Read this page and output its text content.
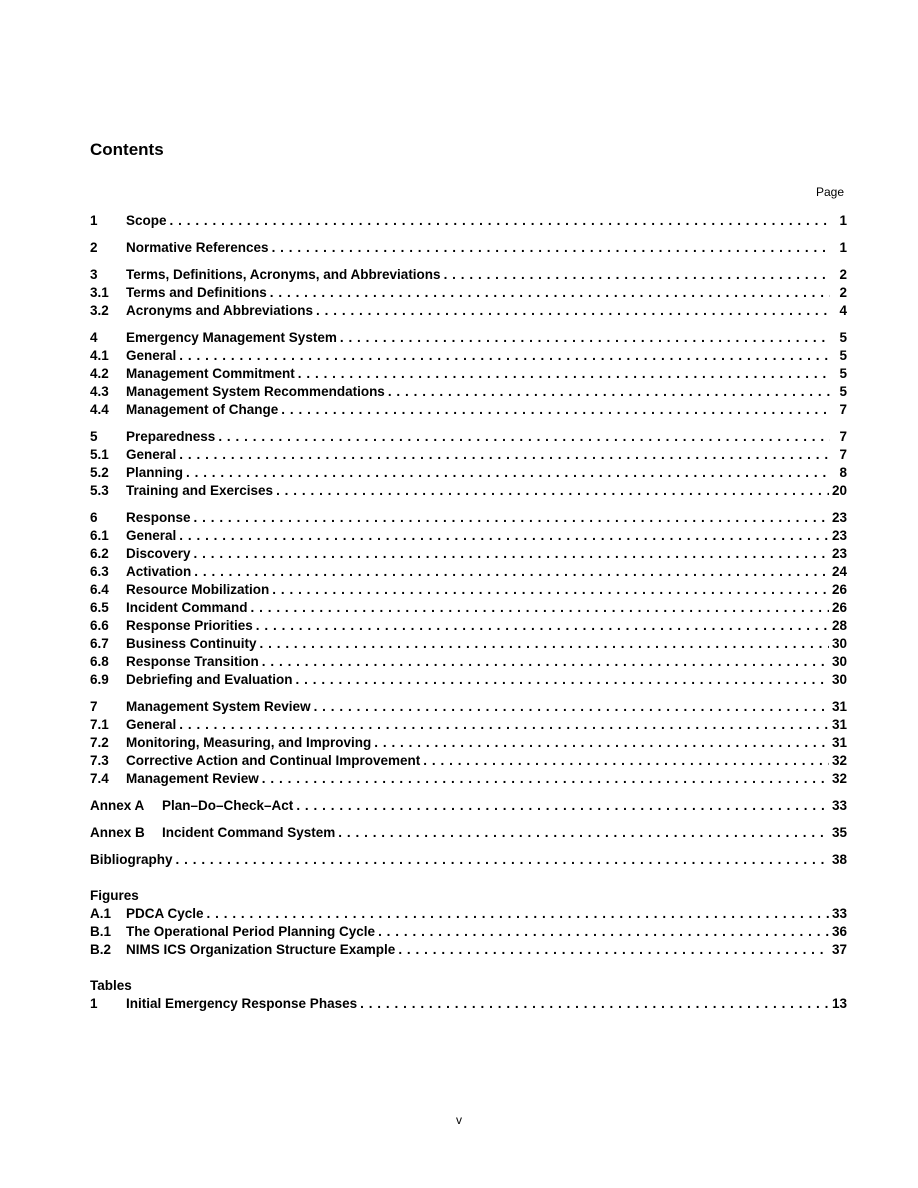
Contents
Page
1	Scope . . .	1
2	Normative References . . .	1
3	Terms, Definitions, Acronyms, and Abbreviations . . .	2
3.1	Terms and Definitions . . .	2
3.2	Acronyms and Abbreviations . . .	4
4	Emergency Management System . . .	5
4.1	General . . .	5
4.2	Management Commitment . . .	5
4.3	Management System Recommendations . . .	5
4.4	Management of Change . . .	7
5	Preparedness . . .	7
5.1	General . . .	7
5.2	Planning . . .	8
5.3	Training and Exercises . . .	20
6	Response . . .	23
6.1	General . . .	23
6.2	Discovery . . .	23
6.3	Activation . . .	24
6.4	Resource Mobilization . . .	26
6.5	Incident Command . . .	26
6.6	Response Priorities . . .	28
6.7	Business Continuity . . .	30
6.8	Response Transition . . .	30
6.9	Debriefing and Evaluation . . .	30
7	Management System Review . . .	31
7.1	General . . .	31
7.2	Monitoring, Measuring, and Improving . . .	31
7.3	Corrective Action and Continual Improvement . . .	32
7.4	Management Review . . .	32
Annex A	Plan–Do–Check–Act . . .	33
Annex B	Incident Command System . . .	35
Bibliography . . .	38
Figures
A.1	PDCA Cycle . . .	33
B.1	The Operational Period Planning Cycle . . .	36
B.2	NIMS ICS Organization Structure Example . . .	37
Tables
1	Initial Emergency Response Phases . . .	13
v
